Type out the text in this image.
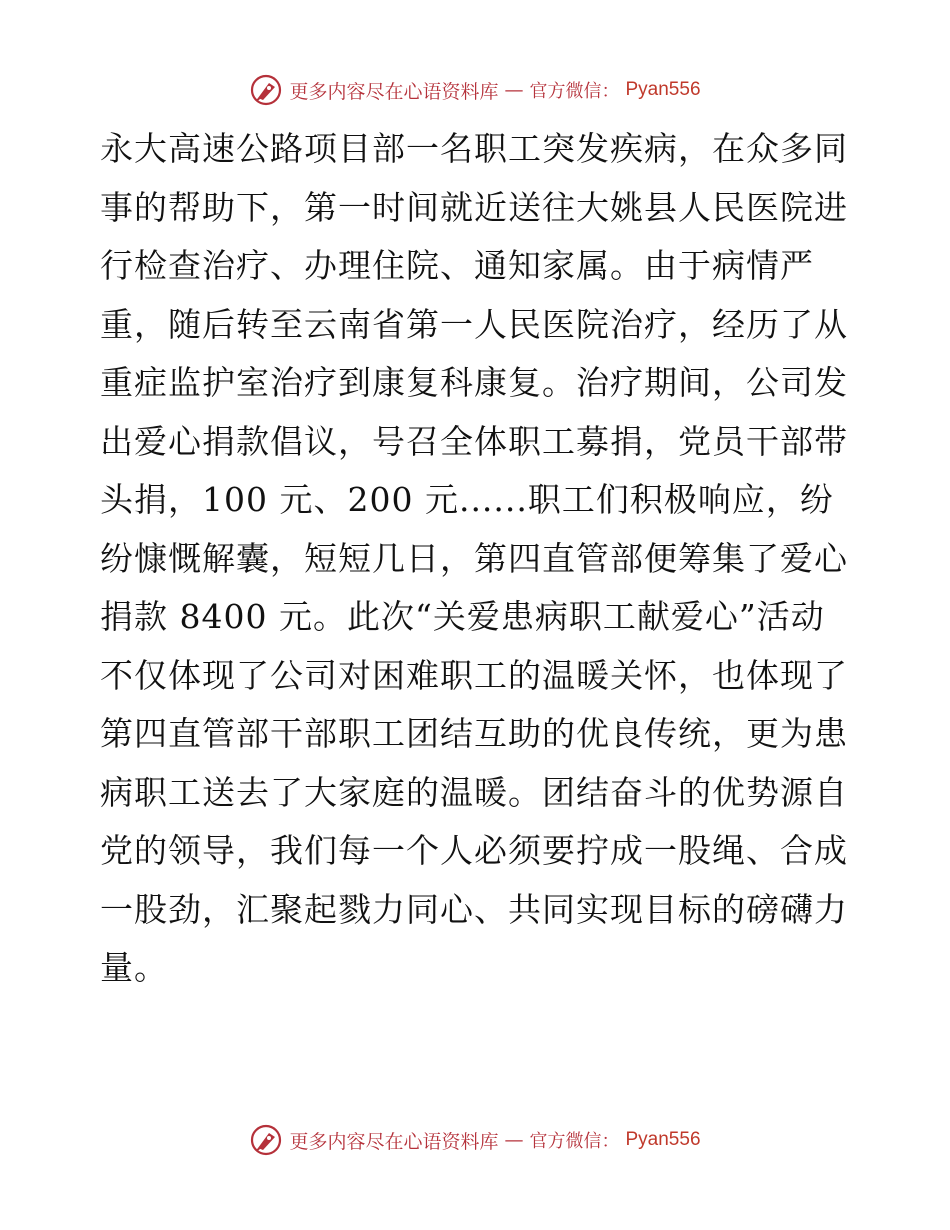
更多内容尽在心语资料库 — 官方微信： Pyan556
永大高速公路项目部一名职工突发疾病，在众多同
事的帮助下，第一时间就近送往大姚县人民医院进
行检查治疗、办理住院、通知家属。由于病情严
重，随后转至云南省第一人民医院治疗，经历了从
重症监护室治疗到康复科康复。治疗期间，公司发
出爱心捐款倡议，号召全体职工募捐，党员干部带
头捐，100 元、200 元......职工们积极响应，纷
纷慷慨解囊，短短几日，第四直管部便筹集了爱心
捐款 8400 元。此次“关爱患病职工献爱心”活动
不仅体现了公司对困难职工的温暖关怀，也体现了
第四直管部干部职工团结互助的优良传统，更为患
病职工送去了大家庭的温暖。团结奋斗的优势源自
党的领导，我们每一个人必须要拧成一股绳、合成
一股劲，汇聚起戮力同心、共同实现目标的磅礴力
量。
更多内容尽在心语资料库 — 官方微信： Pyan556
